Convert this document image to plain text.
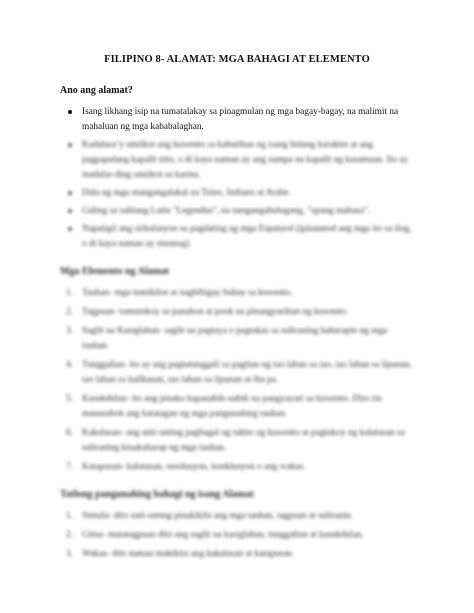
FILIPINO 8- ALAMAT: MGA BAHAGI AT ELEMENTO
Ano ang alamat?
Isang likhang isip na tumatalakay sa pinagmulan ng mga bagay-bagay, na malimit na mahaluan ng mga kababalaghan.
Kadalasa’y umiikot ang kuwento sa kabutihan ng isang bidang karakter at ang pagpapalang kapalit nito, o di kaya naman ay ang sumpa na kapalit ng kasamaan. Ito ay madalas ding umiikot sa karma.
Dala ng mga mangangalakal na Tsino, Indiano at Arabe.
Galing sa salitang Latin "Legendus", na nangangahulugang, "upang mabasa".
Napatigil ang sirkulasyon sa pagdating ng mga Espanyol (ipinaunod ang mga ito sa ilog, o di kaya naman ay sinunog).
Mga Elemento ng Alamat
1. Tauhan- mga tumikilos at nagbibigay buhay sa kuwento.
2. Tagpuan- tumutukoy sa panahon at pook na pinangyarihan ng kuwento.
3. Saglit na Kasiglahan- saglit na pagtaya o pagtakas sa suliraning haharapin ng mga tauhan.
4. Tunggalian- ito ay ang pagtutunggali sa pagitan ng tao laban sa tao, tao laban sa lipunan, tao laban sa kalikasan, tao laban sa lipunan at iba pa.
5. Kasukdulan- ito ang pinaka kapanabik-nabik na pangyayari sa kuwento. Dito rin masusubok ang katatagan ng mga pangunahing tauhan.
6. Kakalasan- ang unti-unting pagbagal ng takbo ng kuwento at pagtukoy ng kalutasan sa suliraning kinakaharap ng mga tauhan.
7. Katapusan- kalutasan, resolusyon, konklusyon o ang wakas.
Tatlong pangunahing bahagi ng isang Alamat
1. Simula- dito unti-unting pinakikila ang mga tauhan, tagpuan at suliranin.
2. Gitna- matatagpuan dito ang saglit na kasiglahan, tunggalian at kasukdulan.
3. Wakas- dito naman makikita ang kakalasan at katapusan.
